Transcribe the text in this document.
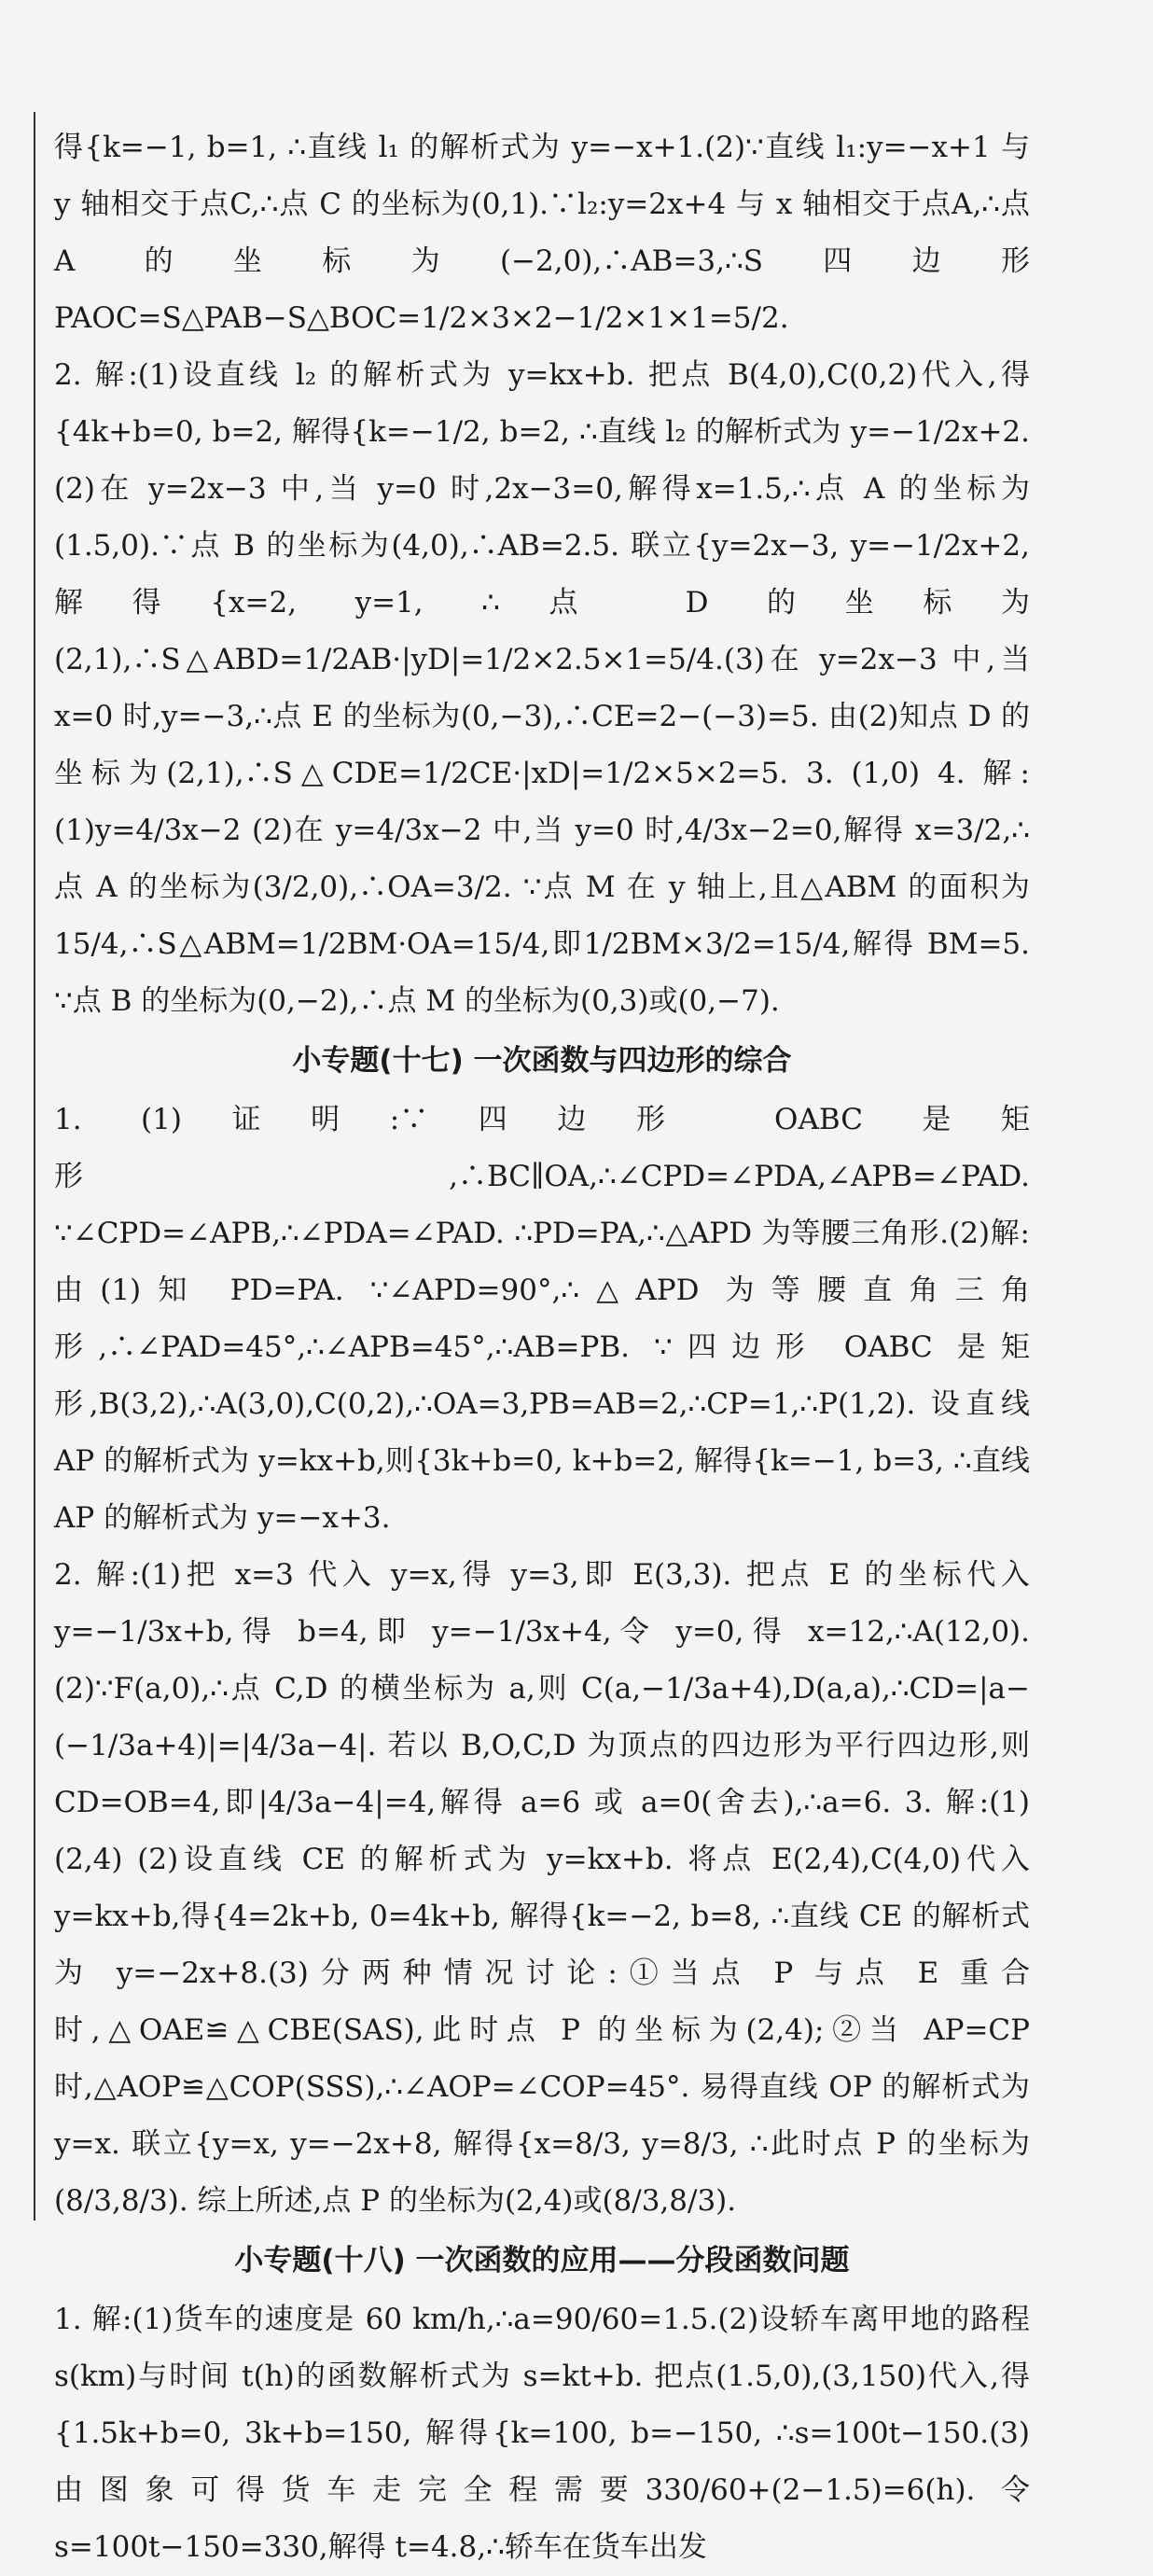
得{k=−1, b=1, ∴直线 l₁ 的解析式为 y=−x+1.(2)∵直线 l₁:y=−x+1 与 y 轴相交于点C,∴点 C 的坐标为(0,1).∵l₂:y=2x+4 与 x 轴相交于点A,∴点 A 的坐标为(−2,0),∴AB=3,∴S四边形PAOC=S△PAB−S△BOC=1/2×3×2−1/2×1×1=5/2.

2. 解:(1)设直线 l₂ 的解析式为 y=kx+b. 把点 B(4,0),C(0,2)代入,得{4k+b=0, b=2, 解得{k=−1/2, b=2, ∴直线 l₂ 的解析式为 y=−1/2x+2.(2)在 y=2x−3 中,当 y=0 时,2x−3=0,解得x=1.5,∴点 A 的坐标为(1.5,0).∵点 B 的坐标为(4,0),∴AB=2.5. 联立{y=2x−3, y=−1/2x+2, 解得{x=2, y=1, ∴点 D 的坐标为(2,1),∴S△ABD=1/2AB·|yD|=1/2×2.5×1=5/4.(3)在 y=2x−3 中,当 x=0 时,y=−3,∴点 E 的坐标为(0,−3),∴CE=2−(−3)=5. 由(2)知点 D 的坐标为(2,1),∴S△CDE=1/2CE·|xD|=1/2×5×2=5. 3. (1,0) 4. 解:(1)y=4/3x−2 (2)在 y=4/3x−2 中,当 y=0 时,4/3x−2=0,解得 x=3/2,∴点 A 的坐标为(3/2,0),∴OA=3/2. ∵点 M 在 y 轴上,且△ABM 的面积为15/4,∴S△ABM=1/2BM·OA=15/4,即1/2BM×3/2=15/4,解得 BM=5. ∵点 B 的坐标为(0,−2),∴点 M 的坐标为(0,3)或(0,−7).

小专题(十七) 一次函数与四边形的综合

1. (1)证明:∵四边形 OABC 是矩形,∴BC∥OA,∴∠CPD=∠PDA,∠APB=∠PAD. ∵∠CPD=∠APB,∴∠PDA=∠PAD. ∴PD=PA,∴△APD 为等腰三角形.(2)解:由(1)知 PD=PA. ∵∠APD=90°,∴△APD 为等腰直角三角形,∴∠PAD=45°,∴∠APB=45°,∴AB=PB. ∵四边形 OABC 是矩形,B(3,2),∴A(3,0),C(0,2),∴OA=3,PB=AB=2,∴CP=1,∴P(1,2). 设直线 AP 的解析式为 y=kx+b,则{3k+b=0, k+b=2, 解得{k=−1, b=3, ∴直线 AP 的解析式为 y=−x+3.

2. 解:(1)把 x=3 代入 y=x,得 y=3,即 E(3,3). 把点 E 的坐标代入 y=−1/3x+b,得 b=4,即 y=−1/3x+4,令 y=0,得 x=12,∴A(12,0).(2)∵F(a,0),∴点 C,D 的横坐标为 a,则 C(a,−1/3a+4),D(a,a),∴CD=|a−(−1/3a+4)|=|4/3a−4|. 若以 B,O,C,D 为顶点的四边形为平行四边形,则 CD=OB=4,即|4/3a−4|=4,解得 a=6 或 a=0(舍去),∴a=6. 3. 解:(1)(2,4) (2)设直线 CE 的解析式为 y=kx+b. 将点 E(2,4),C(4,0)代入y=kx+b,得{4=2k+b, 0=4k+b, 解得{k=−2, b=8, ∴直线 CE 的解析式为 y=−2x+8.(3)分两种情况讨论:①当点 P 与点 E 重合时,△OAE≌△CBE(SAS),此时点 P 的坐标为(2,4);②当 AP=CP 时,△AOP≌△COP(SSS),∴∠AOP=∠COP=45°. 易得直线 OP 的解析式为 y=x. 联立{y=x, y=−2x+8, 解得{x=8/3, y=8/3, ∴此时点 P 的坐标为(8/3,8/3). 综上所述,点 P 的坐标为(2,4)或(8/3,8/3).

小专题(十八) 一次函数的应用——分段函数问题

1. 解:(1)货车的速度是 60 km/h,∴a=90/60=1.5.(2)设轿车离甲地的路程s(km)与时间 t(h)的函数解析式为 s=kt+b. 把点(1.5,0),(3,150)代入,得{1.5k+b=0, 3k+b=150, 解得{k=100, b=−150, ∴s=100t−150.(3)由图象可得货车走完全程需要330/60+(2−1.5)=6(h). 令 s=100t−150=330,解得 t=4.8,∴轿车在货车出发
